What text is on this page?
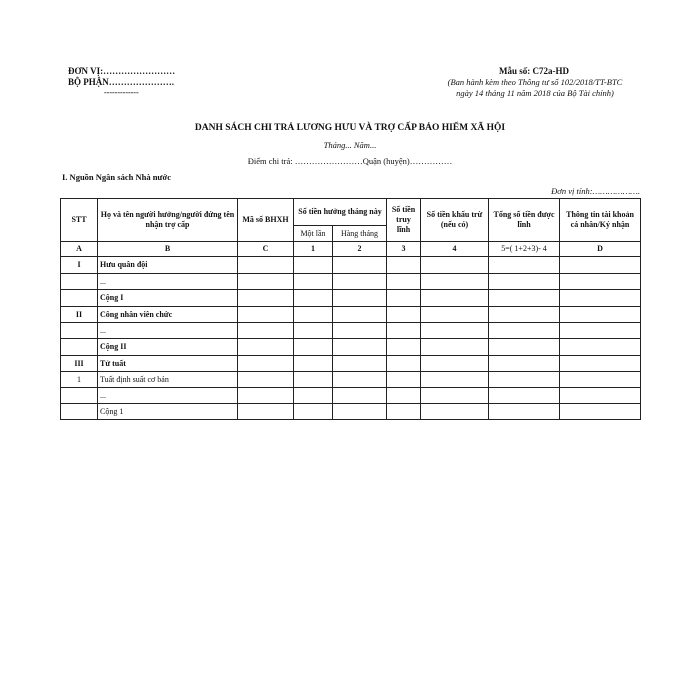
ĐƠN VỊ:……………………
BỘ PHẬN………………….
-------------
Mẫu số: C72a-HD
(Ban hành kèm theo Thông tư số 102/2018/TT-BTC
ngày 14 tháng 11 năm 2018 của Bộ Tài chính)
DANH SÁCH CHI TRẢ LƯƠNG HƯU VÀ TRỢ CẤP BẢO HIỂM XÃ HỘI
Tháng... Năm...
Điểm chi trả: ……………………Quận (huyện)……………
I. Nguồn Ngân sách Nhà nước
Đơn vị tính:……………….
STT	Họ và tên người hưởng/người đứng tên nhận trợ cấp	Mã số BHXH	Số tiền hưởng tháng này		Số tiền truy lĩnh	Số tiền khấu trừ (nếu có)	Tổng số tiền được lĩnh	Thông tin tài khoản cá nhân/Ký nhận
			Một lần	Hàng tháng				
A	B	C	1	2	3	4	5=( 1+2+3)- 4	D
I	Hưu quân đội							
	...							
	Cộng I							
II	Công nhân viên chức							
	...							
	Cộng II							
III	Tử tuất							
1	Tuất định suất cơ bản							
	...							
	Cộng 1							
